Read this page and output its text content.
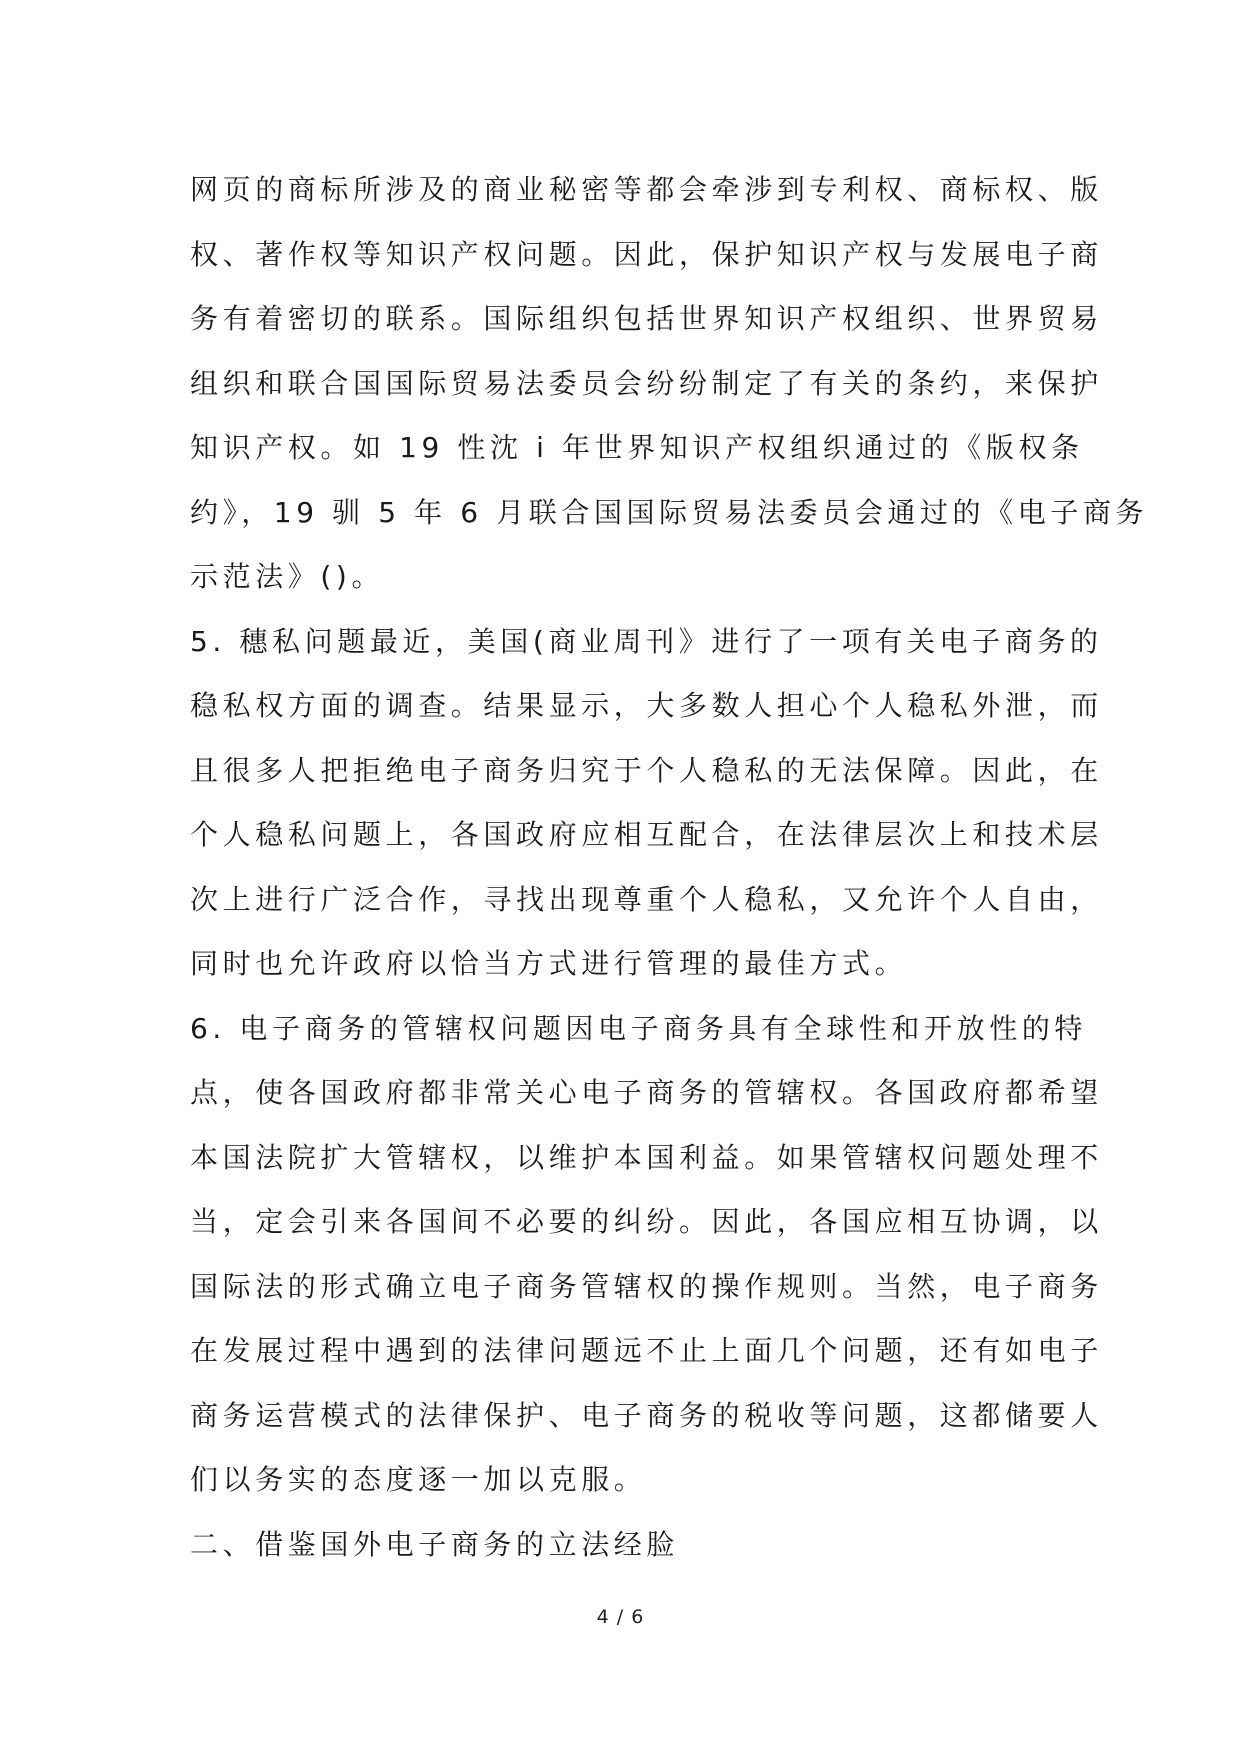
网页的商标所涉及的商业秘密等都会牵涉到专利权、商标权、版
权、著作权等知识产权问题。因此，保护知识产权与发展电子商
务有着密切的联系。国际组织包括世界知识产权组织、世界贸易
组织和联合国国际贸易法委员会纷纷制定了有关的条约，来保护
知识产权。如 19 性沈 i 年世界知识产权组织通过的《版权条
约》，19 驯 5 年 6 月联合国国际贸易法委员会通过的《电子商务
示范法》()。
5. 穗私问题最近，美国(商业周刊》进行了一项有关电子商务的
稳私权方面的调查。结果显示，大多数人担心个人稳私外泄，而
且很多人把拒绝电子商务归究于个人稳私的无法保障。因此，在
个人稳私问题上，各国政府应相互配合，在法律层次上和技术层
次上进行广泛合作，寻找出现尊重个人稳私，又允许个人自由，
同时也允许政府以恰当方式进行管理的最佳方式。
6. 电子商务的管辖权问题因电子商务具有全球性和开放性的特
点，使各国政府都非常关心电子商务的管辖权。各国政府都希望
本国法院扩大管辖权，以维护本国利益。如果管辖权问题处理不
当，定会引来各国间不必要的纠纷。因此，各国应相互协调，以
国际法的形式确立电子商务管辖权的操作规则。当然，电子商务
在发展过程中遇到的法律问题远不止上面几个问题，还有如电子
商务运营模式的法律保护、电子商务的税收等问题，这都储要人
们以务实的态度逐一加以克服。
二、借鉴国外电子商务的立法经脸
4 / 6
